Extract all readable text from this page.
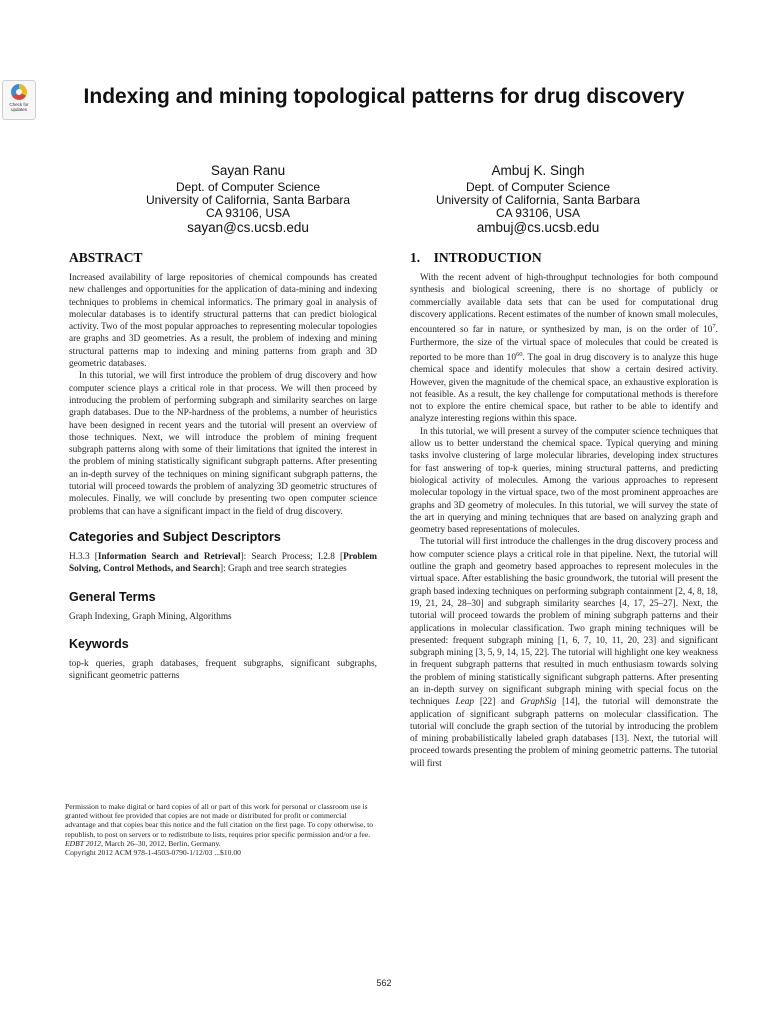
Check for updates
Indexing and mining topological patterns for drug discovery
Sayan Ranu
Dept. of Computer Science
University of California, Santa Barbara
CA 93106, USA
sayan@cs.ucsb.edu
Ambuj K. Singh
Dept. of Computer Science
University of California, Santa Barbara
CA 93106, USA
ambuj@cs.ucsb.edu
ABSTRACT

Increased availability of large repositories of chemical compounds has created new challenges and opportunities for the application of data-mining and indexing techniques to problems in chemical informatics. The primary goal in analysis of molecular databases is to identify structural patterns that can predict biological activity. Two of the most popular approaches to representing molecular topologies are graphs and 3D geometries. As a result, the problem of indexing and mining structural patterns map to indexing and mining patterns from graph and 3D geometric databases.

In this tutorial, we will first introduce the problem of drug discovery and how computer science plays a critical role in that process. We will then proceed by introducing the problem of performing subgraph and similarity searches on large graph databases. Due to the NP-hardness of the problems, a number of heuristics have been designed in recent years and the tutorial will present an overview of those techniques. Next, we will introduce the problem of mining frequent subgraph patterns along with some of their limitations that ignited the interest in the problem of mining statistically significant subgraph patterns. After presenting an in-depth survey of the techniques on mining significant subgraph patterns, the tutorial will proceed towards the problem of analyzing 3D geometric structures of molecules. Finally, we will conclude by presenting two open computer science problems that can have a significant impact in the field of drug discovery.

Categories and Subject Descriptors

H.3.3 [Information Search and Retrieval]: Search Process; I.2.8 [Problem Solving, Control Methods, and Search]: Graph and tree search strategies

General Terms

Graph Indexing, Graph Mining, Algorithms

Keywords

top-k queries, graph databases, frequent subgraphs, significant subgraphs, significant geometric patterns

Permission to make digital or hard copies of all or part of this work for personal or classroom use is granted without fee provided that copies are not made or distributed for profit or commercial advantage and that copies bear this notice and the full citation on the first page. To copy otherwise, to republish, to post on servers or to redistribute to lists, requires prior specific permission and/or a fee.

EDBT 2012, March 26–30, 2012, Berlin, Germany.

Copyright 2012 ACM 978-1-4503-0790-1/12/03 ...$10.00

1.    INTRODUCTION

With the recent advent of high-throughput technologies for both compound synthesis and biological screening, there is no shortage of publicly or commercially available data sets that can be used for computational drug discovery applications. Recent estimates of the number of known small molecules, encountered so far in nature, or synthesized by man, is on the order of $10^7$. Furthermore, the size of the virtual space of molecules that could be created is reported to be more than $10^{60}$. The goal in drug discovery is to analyze this huge chemical space and identify molecules that show a certain desired activity. However, given the magnitude of the chemical space, an exhaustive exploration is not feasible. As a result, the key challenge for computational methods is therefore not to explore the entire chemical space, but rather to be able to identify and analyze interesting regions within this space.

In this tutorial, we will present a survey of the computer science techniques that allow us to better understand the chemical space. Typical querying and mining tasks involve clustering of large molecular libraries, developing index structures for fast answering of top-k queries, mining structural patterns, and predicting biological activity of molecules. Among the various approaches to represent molecular topology in the virtual space, two of the most prominent approaches are graphs and 3D geometry of molecules. In this tutorial, we will survey the state of the art in querying and mining techniques that are based on analyzing graph and geometry based representations of molecules.

The tutorial will first introduce the challenges in the drug discovery process and how computer science plays a critical role in that pipeline. Next, the tutorial will outline the graph and geometry based approaches to represent molecules in the virtual space. After establishing the basic groundwork, the tutorial will present the graph based indexing techniques on performing subgraph containment [2, 4, 8, 18, 19, 21, 24, 28–30] and subgraph similarity searches [4, 17, 25–27]. Next, the tutorial will proceed towards the problem of mining subgraph patterns and their applications in molecular classification. Two graph mining techniques will be presented: frequent subgraph mining [1, 6, 7, 10, 11, 20, 23] and significant subgraph mining [3, 5, 9, 14, 15, 22]. The tutorial will highlight one key weakness in frequent subgraph patterns that resulted in much enthusiasm towards solving the problem of mining statistically significant subgraph patterns. After presenting an in-depth survey on significant subgraph mining with special focus on the techniques Leap [22] and GraphSig [14], the tutorial will demonstrate the application of significant subgraph patterns on molecular classification. The tutorial will conclude the graph section of the tutorial by introducing the problem of mining probabilistically labeled graph databases [13]. Next, the tutorial will proceed towards presenting the problem of mining geometric patterns. The tutorial will first

562
